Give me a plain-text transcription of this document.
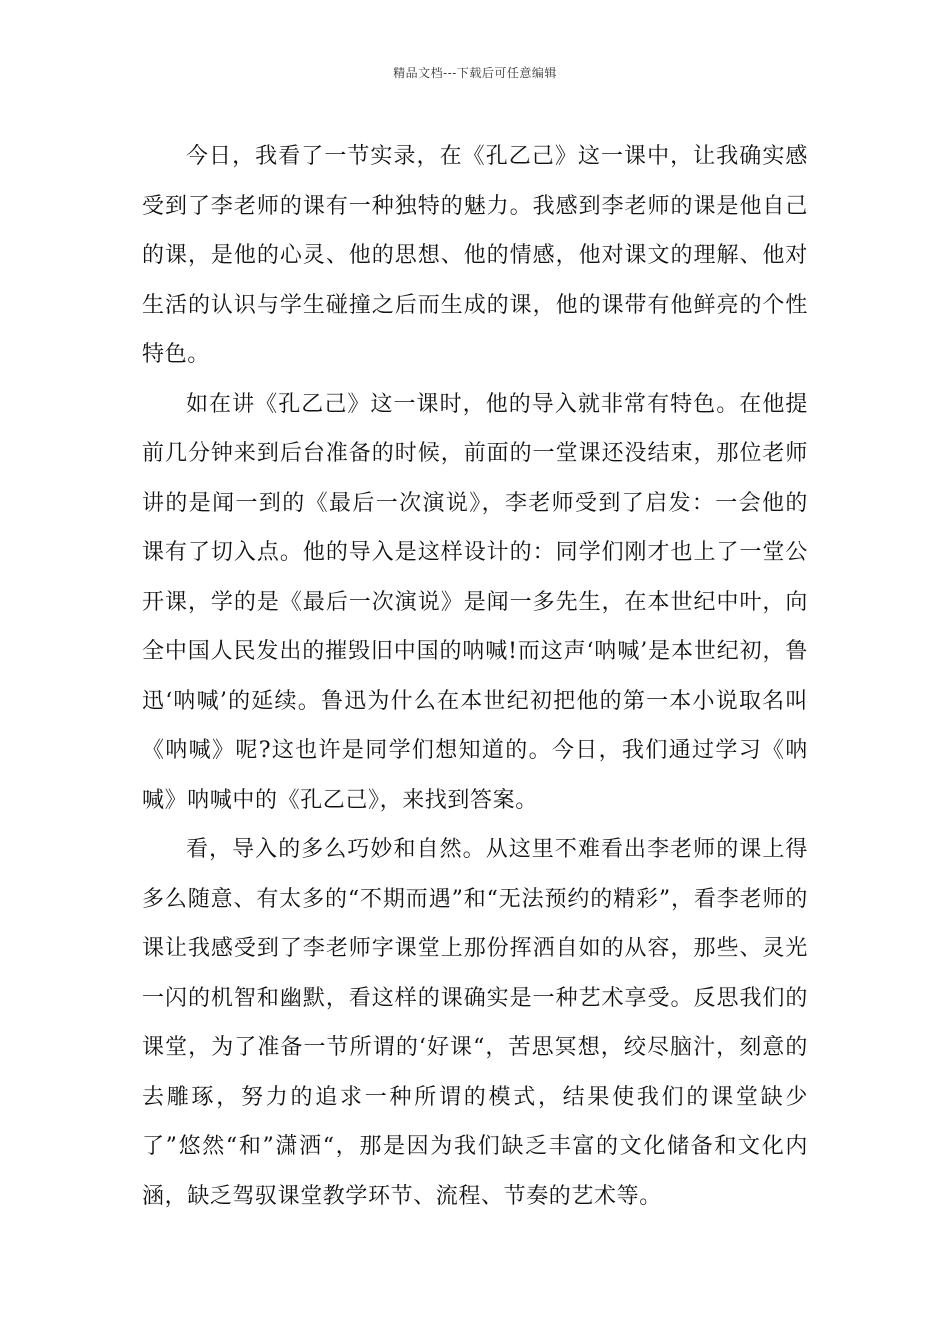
精品文档---下载后可任意编辑

今日，我看了一节实录，在《孔乙己》这一课中，让我确实感受到了李老师的课有一种独特的魅力。我感到李老师的课是他自己的课，是他的心灵、他的思想、他的情感，他对课文的理解、他对生活的认识与学生碰撞之后而生成的课，他的课带有他鲜亮的个性特色。

如在讲《孔乙己》这一课时，他的导入就非常有特色。在他提前几分钟来到后台准备的时候，前面的一堂课还没结束，那位老师讲的是闻一到的《最后一次演说》，李老师受到了启发：一会他的课有了切入点。他的导入是这样设计的：同学们刚才也上了一堂公开课，学的是《最后一次演说》是闻一多先生，在本世纪中叶，向全中国人民发出的摧毁旧中国的呐喊!而这声‘呐喊’是本世纪初，鲁迅‘呐喊’的延续。鲁迅为什么在本世纪初把他的第一本小说取名叫《呐喊》呢?这也许是同学们想知道的。今日，我们通过学习《呐喊》呐喊中的《孔乙己》，来找到答案。

看，导入的多么巧妙和自然。从这里不难看出李老师的课上得多么随意、有太多的“不期而遇”和“无法预约的精彩”，看李老师的课让我感受到了李老师字课堂上那份挥洒自如的从容，那些、灵光一闪的机智和幽默，看这样的课确实是一种艺术享受。反思我们的课堂，为了准备一节所谓的‘好课“，苦思冥想，绞尽脑汁，刻意的去雕琢，努力的追求一种所谓的模式，结果使我们的课堂缺少了”悠然“和”潇洒“，那是因为我们缺乏丰富的文化储备和文化内涵，缺乏驾驭课堂教学环节、流程、节奏的艺术等。
